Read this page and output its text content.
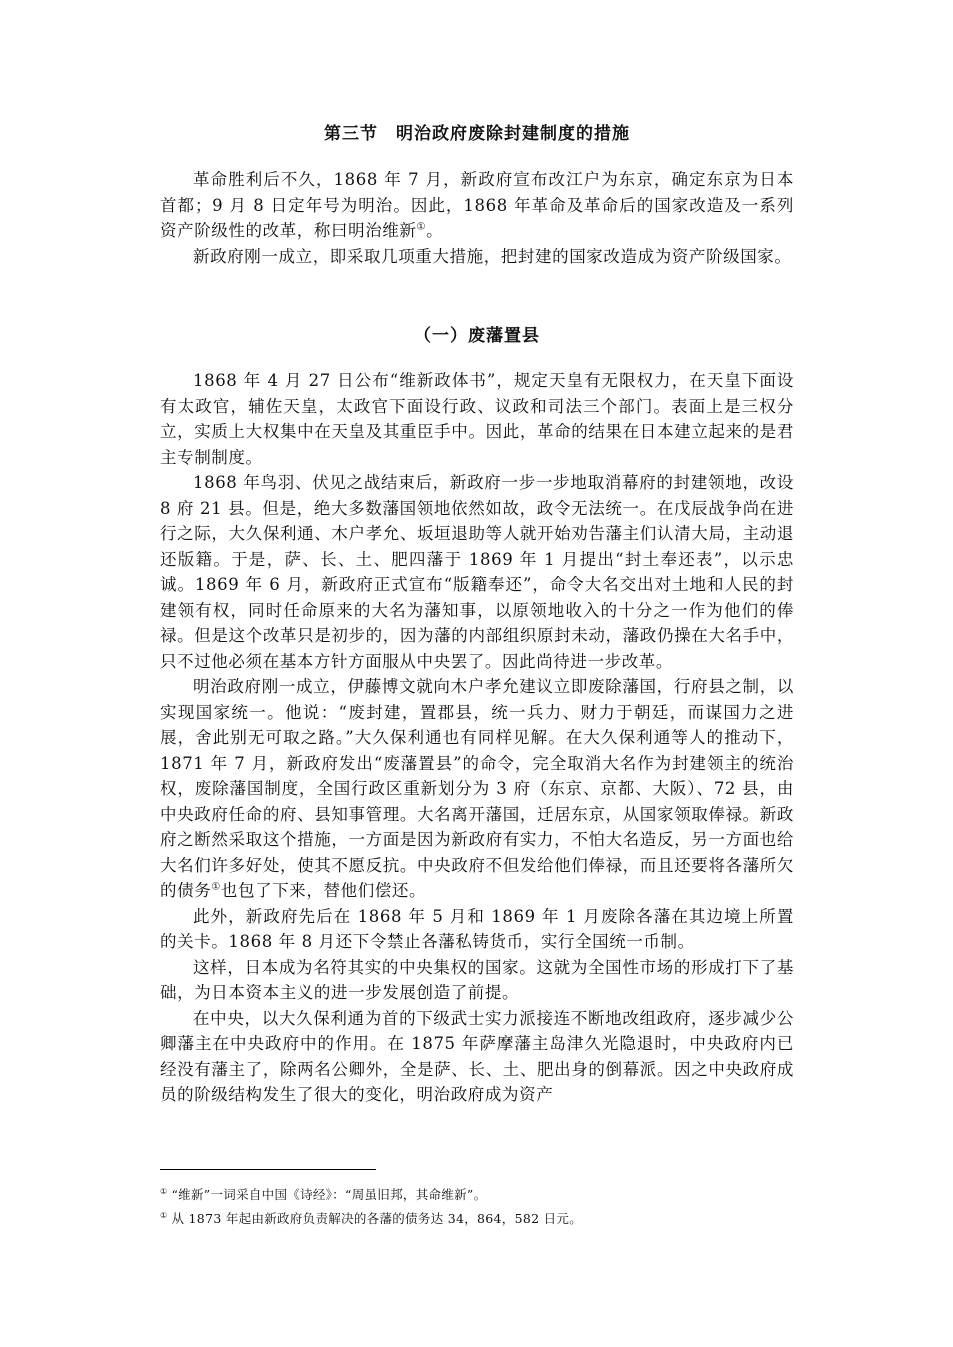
第三节　明治政府废除封建制度的措施

革命胜利后不久，1868 年 7 月，新政府宣布改江户为东京，确定东京为日本首都；9 月 8 日定年号为明治。因此，1868 年革命及革命后的国家改造及一系列资产阶级性的改革，称曰明治维新①。

新政府刚一成立，即采取几项重大措施，把封建的国家改造成为资产阶级国家。

（一）废藩置县

1868 年 4 月 27 日公布“维新政体书”，规定天皇有无限权力，在天皇下面设有太政官，辅佐天皇，太政官下面设行政、议政和司法三个部门。表面上是三权分立，实质上大权集中在天皇及其重臣手中。因此，革命的结果在日本建立起来的是君主专制制度。

1868 年鸟羽、伏见之战结束后，新政府一步一步地取消幕府的封建领地，改设 8 府 21 县。但是，绝大多数藩国领地依然如故，政令无法统一。在戊辰战争尚在进行之际，大久保利通、木户孝允、坂垣退助等人就开始劝告藩主们认清大局，主动退还版籍。于是，萨、长、土、肥四藩于 1869 年 1 月提出“封土奉还表”，以示忠诚。1869 年 6 月，新政府正式宣布“版籍奉还”，命令大名交出对土地和人民的封建领有权，同时任命原来的大名为藩知事，以原领地收入的十分之一作为他们的俸禄。但是这个改革只是初步的，因为藩的内部组织原封未动，藩政仍操在大名手中，只不过他必须在基本方针方面服从中央罢了。因此尚待进一步改革。

明治政府刚一成立，伊藤博文就向木户孝允建议立即废除藩国，行府县之制，以实现国家统一。他说：“废封建，置郡县，统一兵力、财力于朝廷，而谋国力之进展，舍此别无可取之路。”大久保利通也有同样见解。在大久保利通等人的推动下，1871 年 7 月，新政府发出“废藩置县”的命令，完全取消大名作为封建领主的统治权，废除藩国制度，全国行政区重新划分为 3 府（东京、京都、大阪）、72 县，由中央政府任命的府、县知事管理。大名离开藩国，迁居东京，从国家领取俸禄。新政府之断然采取这个措施，一方面是因为新政府有实力，不怕大名造反，另一方面也给大名们许多好处，使其不愿反抗。中央政府不但发给他们俸禄，而且还要将各藩所欠的债务①也包了下来，替他们偿还。

此外，新政府先后在 1868 年 5 月和 1869 年 1 月废除各藩在其边境上所置的关卡。1868 年 8 月还下令禁止各藩私铸货币，实行全国统一币制。

这样，日本成为名符其实的中央集权的国家。这就为全国性市场的形成打下了基础，为日本资本主义的进一步发展创造了前提。

在中央，以大久保利通为首的下级武士实力派接连不断地改组政府，逐步减少公卿藩主在中央政府中的作用。在 1875 年萨摩藩主岛津久光隐退时，中央政府内已经没有藩主了，除两名公卿外，全是萨、长、土、肥出身的倒幕派。因之中央政府成员的阶级结构发生了很大的变化，明治政府成为资产

① “维新”一词采自中国《诗经》：“周虽旧邦，其命维新”。

① 从 1873 年起由新政府负责解决的各藩的债务达 34，864，582 日元。
